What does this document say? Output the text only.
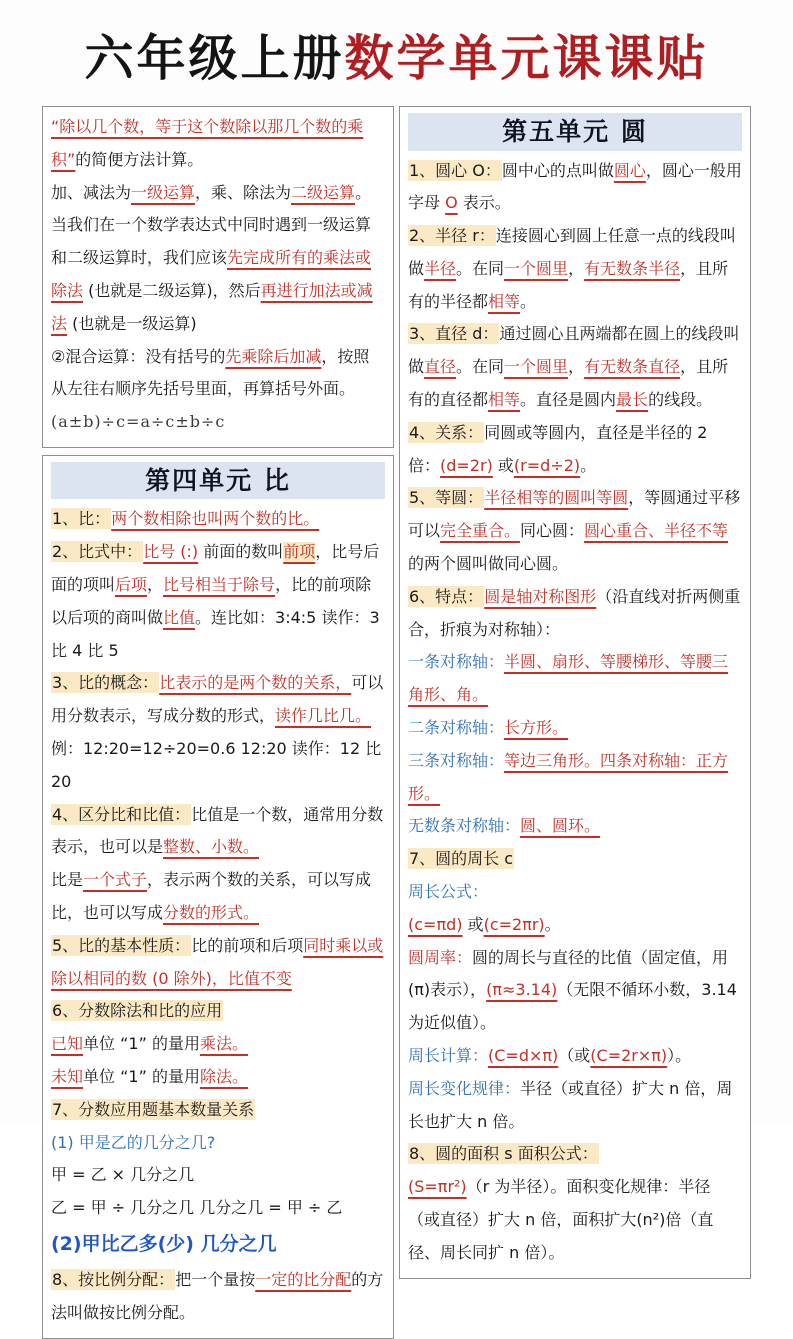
六年级上册数学单元课课贴
“除以几个数，等于这个数除以那几个数的乘积”的简便方法计算。
加、减法为一级运算，乘、除法为二级运算。当我们在一个数学表达式中同时遇到一级运算和二级运算时，我们应该先完成所有的乘法或除法 (也就是二级运算)，然后再进行加法或减法 (也就是一级运算)
②混合运算：没有括号的先乘除后加减，按照从左往右顺序先括号里面，再算括号外面。
(a±b)÷c=a÷c±b÷c
第四单元 比
1、比：两个数相除也叫两个数的比。
2、比式中：比号 (:) 前面的数叫前项，比号后面的项叫后项，比号相当于除号，比的前项除以后项的商叫做比值。连比如：3:4:5 读作：3 比 4 比 5
3、比的概念：比表示的是两个数的关系，可以用分数表示，写成分数的形式，读作几比几。
例：12:20=12÷20=0.6 12:20 读作：12 比 20
4、区分比和比值：比值是一个数，通常用分数表示，也可以是整数、小数。
比是一个式子，表示两个数的关系，可以写成比，也可以写成分数的形式。
5、比的基本性质：比的前项和后项同时乘以或除以相同的数 (0 除外)，比值不变
6、分数除法和比的应用
已知单位 “1” 的量用乘法。
未知单位 “1” 的量用除法。
7、分数应用题基本数量关系
(1) 甲是乙的几分之几?
甲 = 乙 × 几分之几
乙 = 甲 ÷ 几分之几 几分之几 = 甲 ÷ 乙
(2)甲比乙多(少) 几分之几
8、按比例分配：把一个量按一定的比分配的方法叫做按比例分配。
第五单元 圆
1、圆心 O：圆中心的点叫做圆心，圆心一般用字母 O 表示。
2、半径 r：连接圆心到圆上任意一点的线段叫做半径。在同一个圆里，有无数条半径，且所有的半径都相等。
3、直径 d：通过圆心且两端都在圆上的线段叫做直径。在同一个圆里，有无数条直径，且所有的直径都相等。直径是圆内最长的线段。
4、关系：同圆或等圆内，直径是半径的 2 倍：(d=2r) 或(r=d÷2)。
5、等圆：半径相等的圆叫等圆，等圆通过平移可以完全重合。同心圆：圆心重合、半径不等的两个圆叫做同心圆。
6、特点：圆是轴对称图形（沿直线对折两侧重合，折痕为对称轴）：
一条对称轴：半圆、扇形、等腰梯形、等腰三角形、角。
二条对称轴：长方形。
三条对称轴：等边三角形。四条对称轴：正方形。
无数条对称轴：圆、圆环。
7、圆的周长 c
周长公式：
(c=πd) 或(c=2πr)。
圆周率：圆的周长与直径的比值（固定值，用(π)表示），(π≈3.14)（无限不循环小数，3.14 为近似值）。
周长计算：(C=d×π)（或(C=2r×π)）。
周长变化规律：半径（或直径）扩大 n 倍，周长也扩大 n 倍。
8、圆的面积 s 面积公式：
(S=πr²)（r 为半径）。面积变化规律：半径（或直径）扩大 n 倍，面积扩大(n²)倍（直径、周长同扩 n 倍）。
